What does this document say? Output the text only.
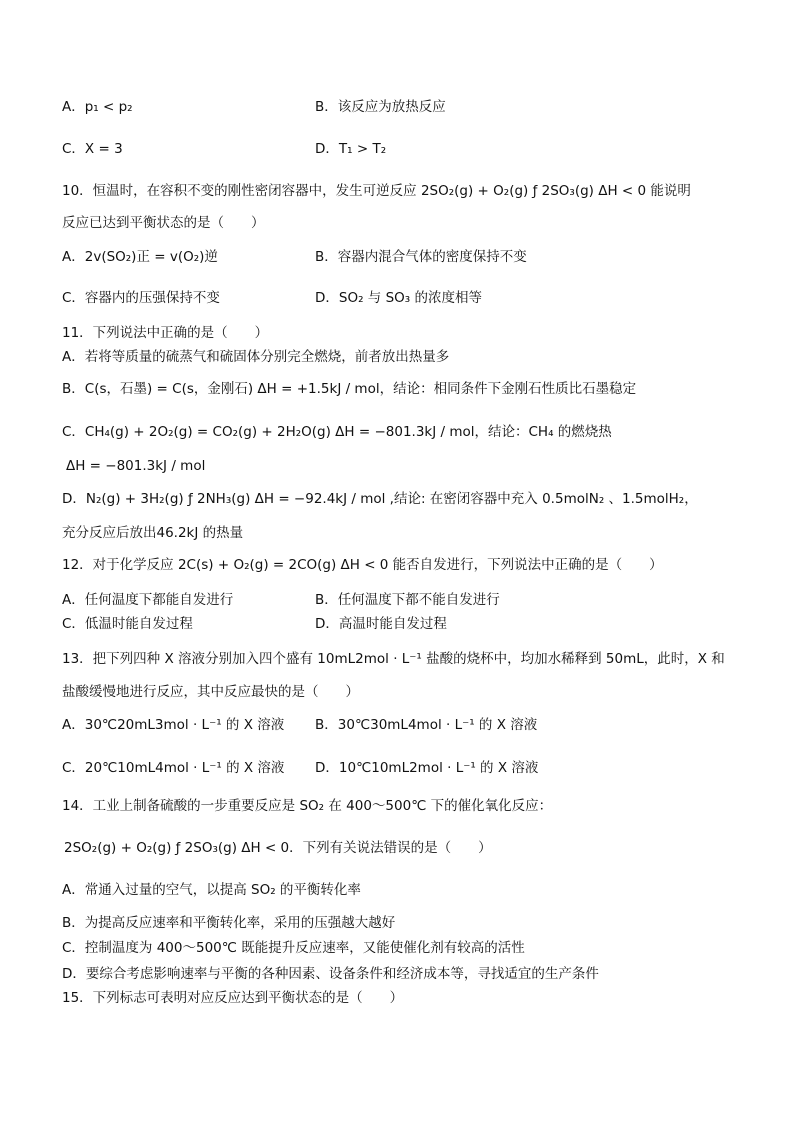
A．p₁ < p₂	B．该反应为放热反应
C．X = 3	D．T₁ > T₂
10．恒温时，在容积不变的刚性密闭容器中，发生可逆反应 2SO₂(g) + O₂(g) ƒ 2SO₃(g) ΔH < 0 能说明
反应已达到平衡状态的是（　　）
A．2v(SO₂)正 = v(O₂)逆	B．容器内混合气体的密度保持不变
C．容器内的压强保持不变	D．SO₂ 与 SO₃ 的浓度相等
11．下列说法中正确的是（　　）
A．若将等质量的硫蒸气和硫固体分别完全燃烧，前者放出热量多
B．C(s，石墨) = C(s，金刚石) ΔH = +1.5kJ / mol，结论：相同条件下金刚石性质比石墨稳定
C．CH₄(g) + 2O₂(g) = CO₂(g) + 2H₂O(g) ΔH = −801.3kJ / mol，结论：CH₄ 的燃烧热
ΔH = −801.3kJ / mol
D．N₂(g) + 3H₂(g) ƒ 2NH₃(g) ΔH = −92.4kJ / mol ,结论: 在密闭容器中充入 0.5molN₂ 、1.5molH₂，
充分反应后放出46.2kJ 的热量
12．对于化学反应 2C(s) + O₂(g) = 2CO(g) ΔH < 0 能否自发进行，下列说法中正确的是（　　）
A．任何温度下都能自发进行	B．任何温度下都不能自发进行
C．低温时能自发过程	D．高温时能自发过程
13．把下列四种 X 溶液分别加入四个盛有 10mL2mol · L⁻¹ 盐酸的烧杯中，均加水稀释到 50mL，此时，X 和
盐酸缓慢地进行反应，其中反应最快的是（　　）
A．30℃20mL3mol · L⁻¹ 的 X 溶液 B．30℃30mL4mol · L⁻¹ 的 X 溶液
C．20℃10mL4mol · L⁻¹ 的 X 溶液 D．10℃10mL2mol · L⁻¹ 的 X 溶液
14．工业上制备硫酸的一步重要反应是 SO₂ 在 400～500℃ 下的催化氧化反应：
2SO₂(g) + O₂(g) ƒ 2SO₃(g) ΔH < 0．下列有关说法错误的是（　　）
A．常通入过量的空气，以提高 SO₂ 的平衡转化率
B．为提高反应速率和平衡转化率，采用的压强越大越好
C．控制温度为 400～500℃ 既能提升反应速率，又能使催化剂有较高的活性
D．要综合考虑影响速率与平衡的各种因素、设备条件和经济成本等，寻找适宜的生产条件
15．下列标志可表明对应反应达到平衡状态的是（　　）
